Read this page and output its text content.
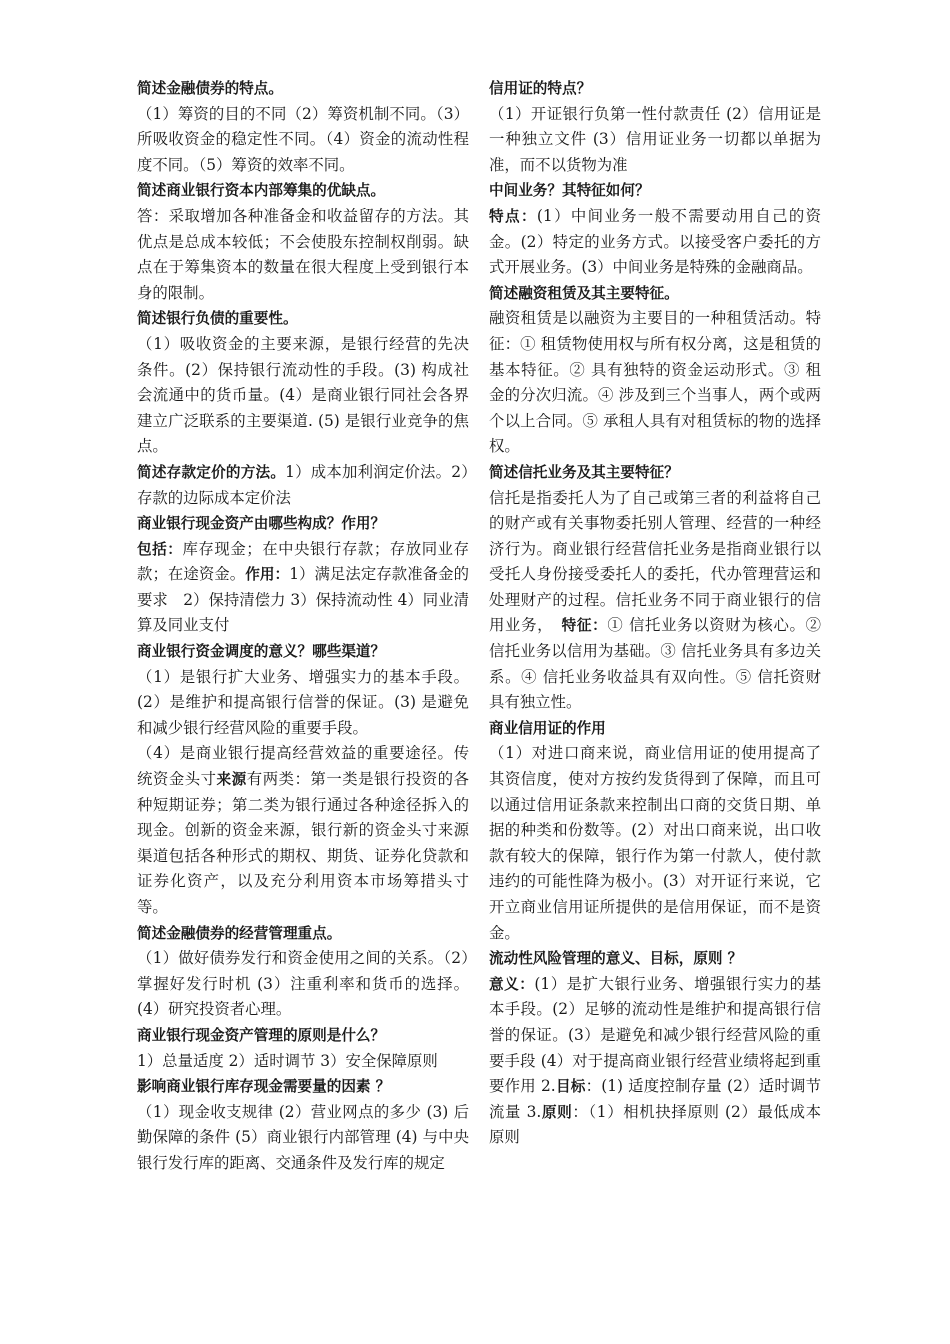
简述金融债券的特点。
（1）筹资的目的不同（2）筹资机制不同。（3）所吸收资金的稳定性不同。（4）资金的流动性程度不同。（5）筹资的效率不同。
简述商业银行资本内部筹集的优缺点。
答：采取增加各种准备金和收益留存的方法。其优点是总成本较低；不会使股东控制权削弱。缺点在于筹集资本的数量在很大程度上受到银行本身的限制。
简述银行负债的重要性。
（1）吸收资金的主要来源，是银行经营的先决条件。(2）保持银行流动性的手段。(3) 构成社会流通中的货币量。(4）是商业银行同社会各界建立广泛联系的主要渠道. (5) 是银行业竞争的焦点。
简述存款定价的方法。1）成本加利润定价法。2）存款的边际成本定价法
商业银行现金资产由哪些构成？作用？
包括：库存现金；在中央银行存款；存放同业存款；在途资金。作用：1）满足法定存款准备金的要求　2）保持清偿力 3）保持流动性 4）同业清算及同业支付
商业银行资金调度的意义？哪些渠道？
（1）是银行扩大业务、增强实力的基本手段。(2）是维护和提高银行信誉的保证。(3) 是避免和减少银行经营风险的重要手段。
（4）是商业银行提高经营效益的重要途径。传统资金头寸来源有两类：第一类是银行投资的各种短期证券；第二类为银行通过各种途径拆入的现金。创新的资金来源，银行新的资金头寸来源渠道包括各种形式的期权、期货、证券化贷款和证券化资产，以及充分利用资本市场筹措头寸等。
简述金融债券的经营管理重点。
（1）做好债券发行和资金使用之间的关系。（2）掌握好发行时机 (3）注重利率和货币的选择。(4）研究投资者心理。
商业银行现金资产管理的原则是什么？
1）总量适度 2）适时调节 3）安全保障原则
影响商业银行库存现金需要量的因素 ？
（1）现金收支规律 (2）营业网点的多少 (3) 后勤保障的条件 (5）商业银行内部管理 (4) 与中央银行发行库的距离、交通条件及发行库的规定
信用证的特点？
（1）开证银行负第一性付款责任 (2）信用证是一种独立文件 (3）信用证业务一切都以单据为准，而不以货物为准
中间业务？其特征如何？
特点：(1）中间业务一般不需要动用自己的资金。(2）特定的业务方式。以接受客户委托的方式开展业务。(3）中间业务是特殊的金融商品。
简述融资租赁及其主要特征。
融资租赁是以融资为主要目的一种租赁活动。特征：① 租赁物使用权与所有权分离，这是租赁的基本特征。② 具有独特的资金运动形式。③ 租金的分次归流。④ 涉及到三个当事人，两个或两个以上合同。⑤ 承租人具有对租赁标的物的选择权。
简述信托业务及其主要特征？
信托是指委托人为了自己或第三者的利益将自己的财产或有关事物委托别人管理、经营的一种经济行为。商业银行经营信托业务是指商业银行以受托人身份接受委托人的委托，代办管理营运和处理财产的过程。信托业务不同于商业银行的信用业务，　特征：① 信托业务以资财为核心。② 信托业务以信用为基础。③ 信托业务具有多边关系。④ 信托业务收益具有双向性。⑤ 信托资财具有独立性。
商业信用证的作用
（1）对进口商来说，商业信用证的使用提高了其资信度，使对方按约发货得到了保障，而且可以通过信用证条款来控制出口商的交货日期、单据的种类和份数等。(2）对出口商来说，出口收款有较大的保障，银行作为第一付款人，使付款违约的可能性降为极小。(3）对开证行来说，它开立商业信用证所提供的是信用保证，而不是资金。
流动性风险管理的意义、目标，原则 ？
意义：(1）是扩大银行业务、增强银行实力的基本手段。(2）足够的流动性是维护和提高银行信誉的保证。(3）是避免和减少银行经营风险的重要手段 (4）对于提高商业银行经营业绩将起到重要作用 2.目标：(1) 适度控制存量 (2）适时调节流量 3.原则：（1）相机抉择原则 (2）最低成本原则
